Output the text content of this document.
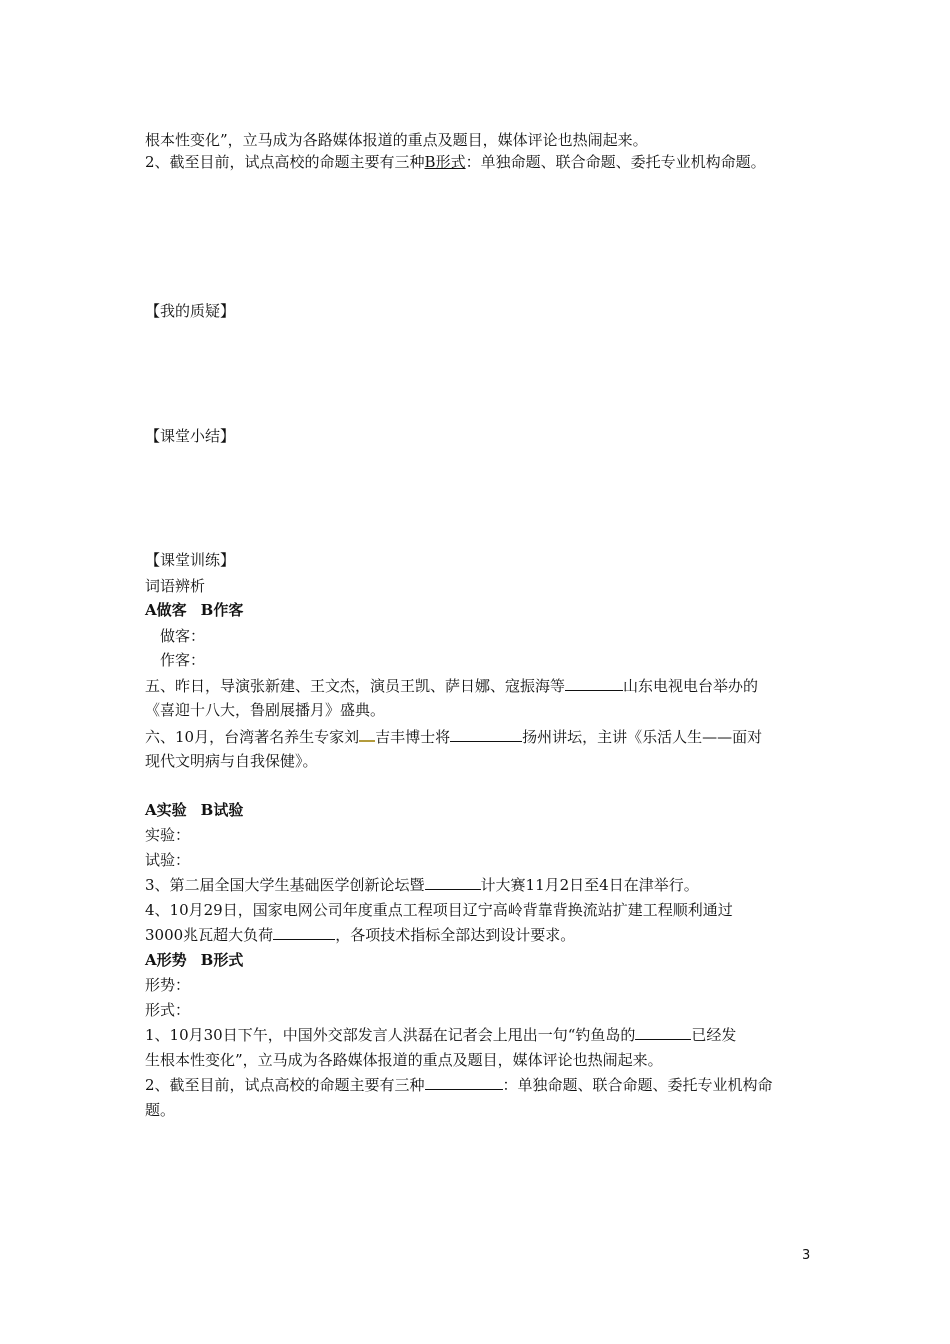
根本性变化”，立马成为各路媒体报道的重点及题目，媒体评论也热闹起来。
2、截至目前，试点高校的命题主要有三种B形式：单独命题、联合命题、委托专业机构命题。
【我的质疑】
【课堂小结】
【课堂训练】
词语辨析
A做客 B作客
做客：
作客：
五、昨日，导演张新建、王文杰，演员王凯、萨日娜、寇振海等	山东电视电台举办的
《喜迎十八大，鲁剧展播月》盛典。
六、10月，台湾著名养生专家刘 吉丰博士将	扬州讲坛，主讲《乐活人生——面对
现代文明病与自我保健》。
A实验 B试验
实验：
试验：
3、第二届全国大学生基础医学创新论坛暨	计大赛11月2日至4日在津举行。
4、10月29日，国家电网公司年度重点工程项目辽宁高岭背靠背换流站扩建工程顺利通过
3000兆瓦超大负荷	，各项技术指标全部达到设计要求。
A形势 B形式
形势：
形式：
1、10月30日下午，中国外交部发言人洪磊在记者会上甩出一句“钓鱼岛的	已经发
生根本性变化”，立马成为各路媒体报道的重点及题目，媒体评论也热闹起来。
2、截至目前，试点高校的命题主要有三种	：单独命题、联合命题、委托专业机构命
题。
3
